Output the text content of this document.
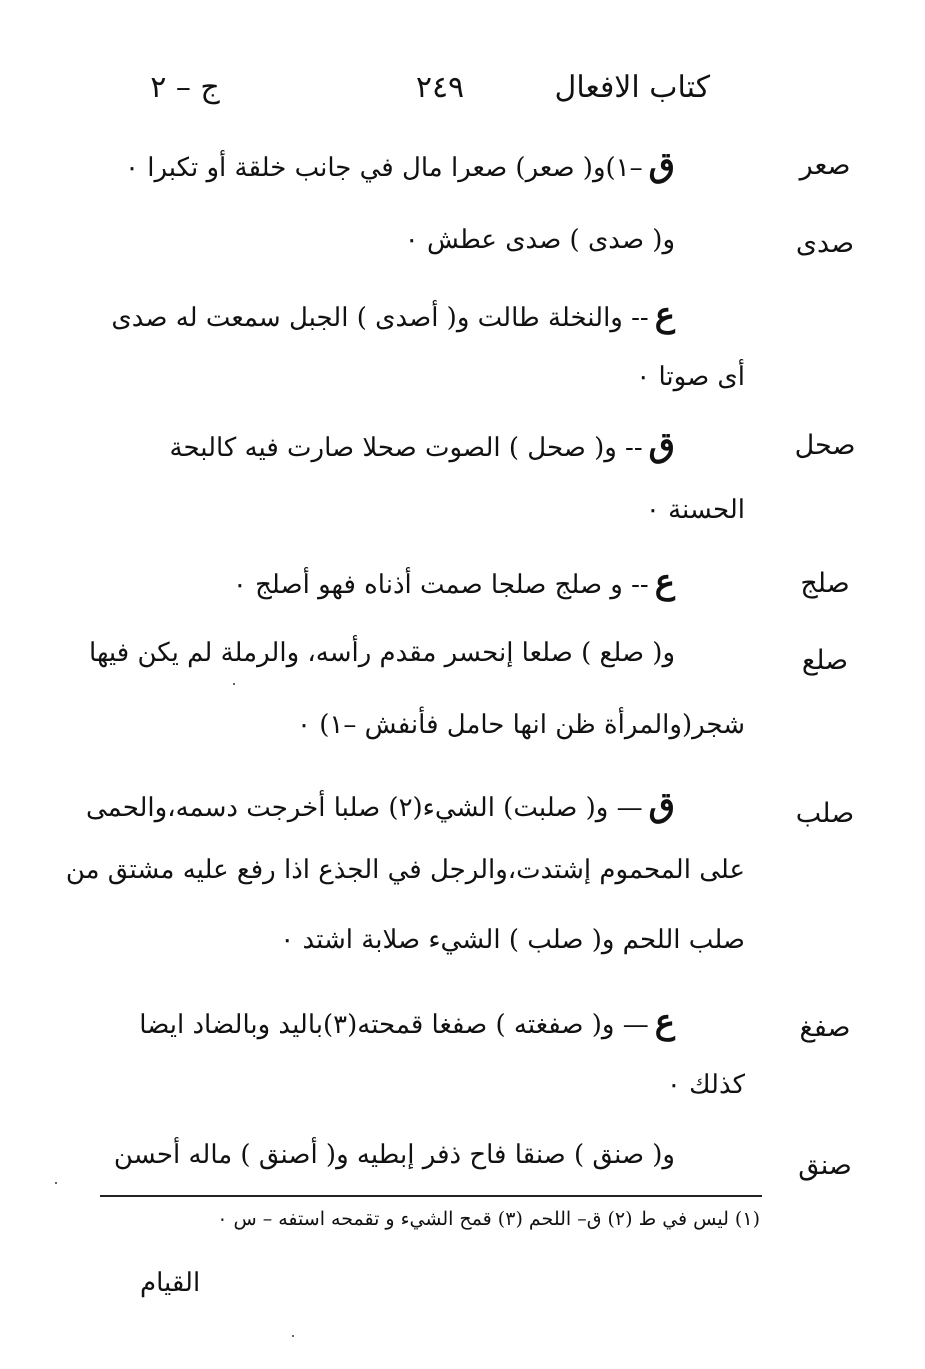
كتاب الافعال
٢٤٩
ج – ٢
صعر
ق–١)و( صعر) صعرا مال في جانب خلقة أو تكبرا ٠
صدى
و( صدى ) صدى عطش ٠
ع-- والنخلة طالت و( أصدى ) الجبل سمعت له صدى
أى صوتا ٠
صحل
ق-- و( صحل ) الصوت صحلا صارت فيه كالبحة
الحسنة ٠
صلج
ع-- و صلج صلجا صمت أذناه فهو أصلج ٠
صلع
و( صلع ) صلعا إنحسر مقدم رأسه، والرملة لم يكن فيها
شجر(والمرأة ظن انها حامل فأنفش –١) ٠
صلب
ق— و( صلبت) الشيء(٢) صلبا أخرجت دسمه،والحمى
على المحموم إشتدت،والرجل في الجذع اذا رفع عليه مشتق من
صلب اللحم و( صلب ) الشيء صلابة اشتد ٠
صفغ
ع— و( صفغته ) صفغا قمحته(٣)باليد وبالضاد ايضا
كذلك ٠
صنق
و( صنق ) صنقا فاح ذفر إبطيه و( أصنق ) ماله أحسن
(١) ليس في ط (٢) ق– اللحم (٣) قمح الشيء و تقمحه استفه – س ٠
القيام
